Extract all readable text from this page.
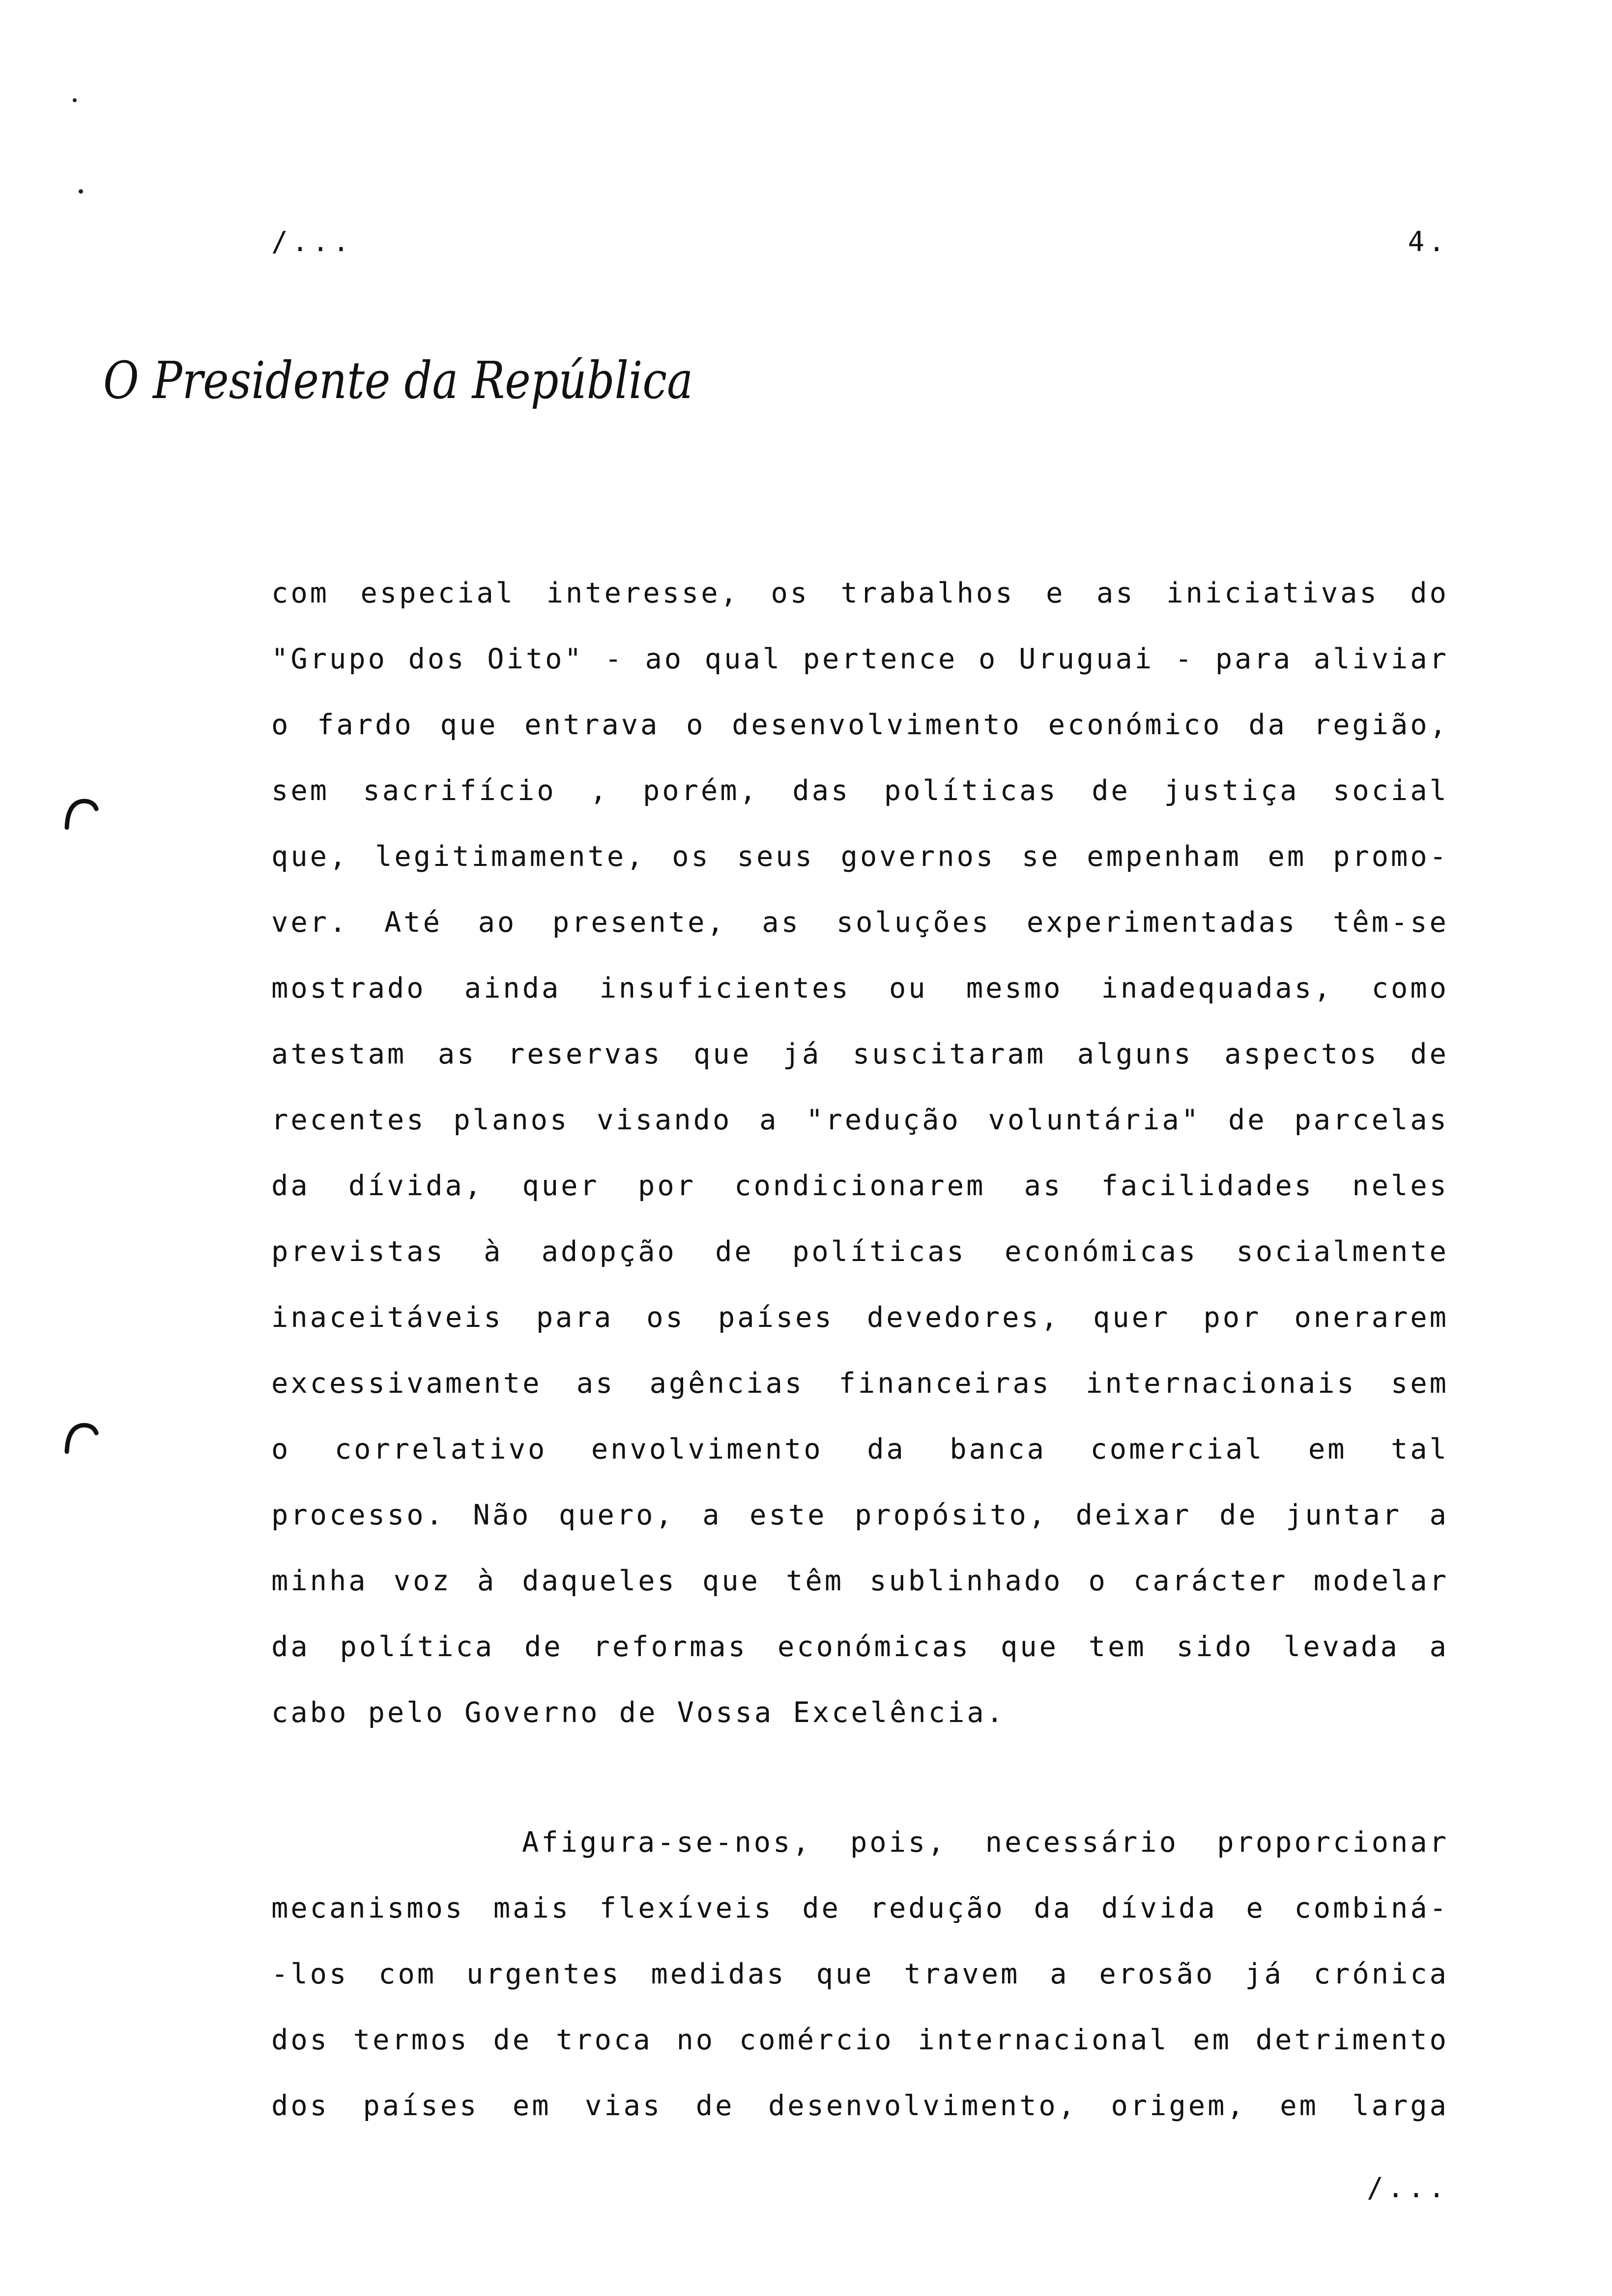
/...	4.
O Presidente da República
com especial interesse, os trabalhos e as iniciativas do
"Grupo dos Oito" - ao qual pertence o Uruguai - para aliviar
o fardo que entrava o desenvolvimento económico da região,
sem sacrifício , porém, das políticas de justiça social
que, legitimamente, os seus governos se empenham em promo-
ver. Até ao presente, as soluções experimentadas têm-se
mostrado ainda insuficientes ou mesmo inadequadas, como
atestam as reservas que já suscitaram alguns aspectos de
recentes planos visando a "redução voluntária" de parcelas
da dívida, quer por condicionarem as facilidades neles
previstas à adopção de políticas económicas socialmente
inaceitáveis para os países devedores, quer por onerarem
excessivamente as agências financeiras internacionais sem
o correlativo envolvimento da banca comercial em tal
processo. Não quero, a este propósito, deixar de juntar a
minha voz à daqueles que têm sublinhado o carácter modelar
da política de reformas económicas que tem sido levada a
cabo pelo Governo de Vossa Excelência.
Afigura-se-nos, pois, necessário proporcionar
mecanismos mais flexíveis de redução da dívida e combiná-
-los com urgentes medidas que travem a erosão já crónica
dos termos de troca no comércio internacional em detrimento
dos países em vias de desenvolvimento, origem, em larga
/...
